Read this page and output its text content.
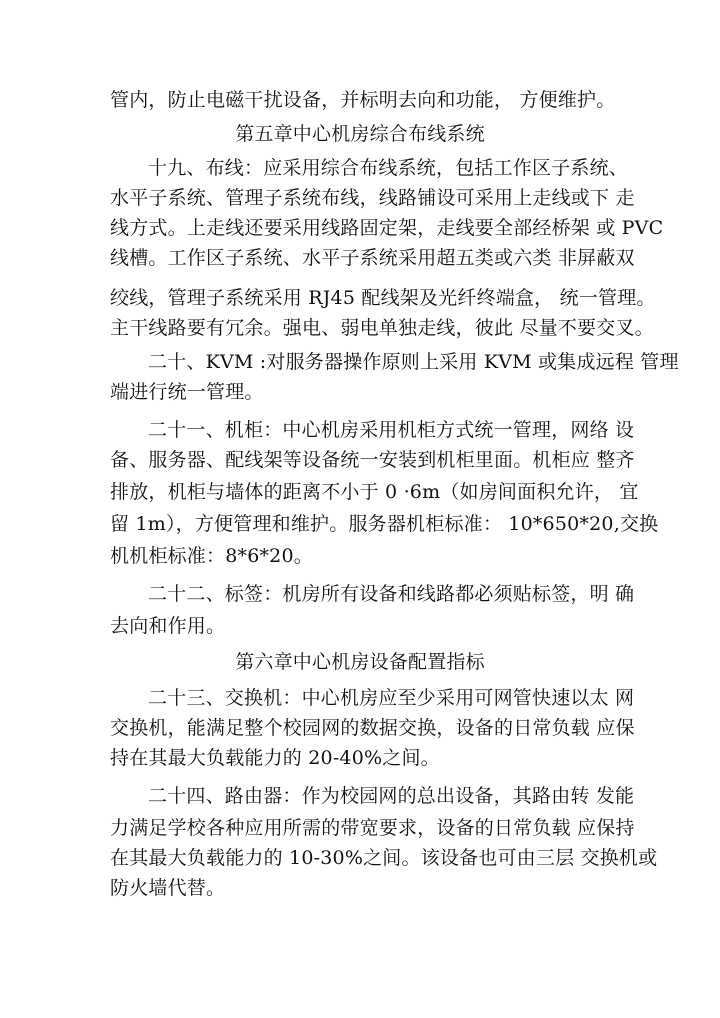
管内，防止电磁干扰设备，并标明去向和功能， 方便维护。
第五章中心机房综合布线系统
十九、布线：应采用综合布线系统，包括工作区子系统、
水平子系统、管理子系统布线，线路铺设可采用上走线或下 走
线方式。上走线还要采用线路固定架，走线要全部经桥架 或 PVC
线槽。工作区子系统、水平子系统采用超五类或六类 非屏蔽双
绞线，管理子系统采用 RJ45 配线架及光纤终端盒， 统一管理。
主干线路要有冗余。强电、弱电单独走线，彼此 尽量不要交叉。
二十、KVM :对服务器操作原则上采用 KVM 或集成远程 管理
端进行统一管理。
二十一、机柜：中心机房采用机柜方式统一管理，网络 设
备、服务器、配线架等设备统一安装到机柜里面。机柜应 整齐
排放，机柜与墙体的距离不小于 0 ·6m（如房间面积允许， 宜
留 1m），方便管理和维护。服务器机柜标准： 10*650*20,交换
机机柜标准：8*6*20。
二十二、标签：机房所有设备和线路都必须贴标签，明 确
去向和作用。
第六章中心机房设备配置指标
二十三、交换机：中心机房应至少采用可网管快速以太 网
交换机，能满足整个校园网的数据交换，设备的日常负载 应保
持在其最大负载能力的 20-40%之间。
二十四、路由器：作为校园网的总出设备，其路由转 发能
力满足学校各种应用所需的带宽要求，设备的日常负载 应保持
在其最大负载能力的 10-30%之间。该设备也可由三层 交换机或
防火墙代替。
